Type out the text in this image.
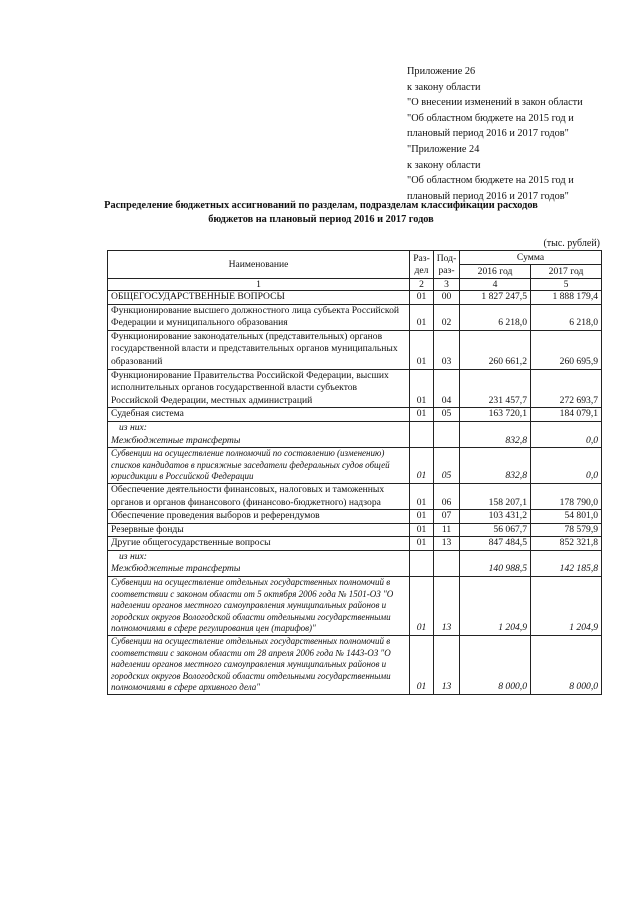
Приложение 26
к закону области
"О внесении изменений в закон области
"Об областном бюджете на 2015 год и
плановый период 2016 и 2017 годов"
"Приложение 24
к закону области
"Об областном бюджете на 2015 год и
плановый период 2016 и 2017 годов"
Распределение бюджетных ассигнований по разделам, подразделам классификации расходов
бюджетов на плановый период 2016 и 2017 годов
(тыс. рублей)
Наименование	Раз-дел	Под-раз-	Сумма	
			2016 год	2017 год
1	2	3	4	5

ОБЩЕГОСУДАРСТВЕННЫЕ ВОПРОСЫ	01	00	1 827 247,5	1 888 179,4

Функционирование высшего должностного лица субъекта Российской Федерации и муниципального образования	01	02	6 218,0	6 218,0

Функционирование законодательных (представительных) органов государственной власти и представительных органов муниципальных образований	01	03	260 661,2	260 695,9

Функционирование Правительства Российской Федерации, высших исполнительных органов государственной власти субъектов Российской Федерации, местных администраций	01	04	231 457,7	272 693,7

Судебная система	01	05	163 720,1	184 079,1

из них:
Межбюджетные трансферты			832,8	0,0

Субвенции на осуществление полномочий по составлению (изменению) списков кандидатов в присяжные заседатели федеральных судов общей юрисдикции в Российской Федерации	01	05	832,8	0,0

Обеспечение деятельности финансовых, налоговых и таможенных органов и органов финансового (финансово-бюджетного) надзора	01	06	158 207,1	178 790,0

Обеспечение проведения выборов и референдумов	01	07	103 431,2	54 801,0

Резервные фонды	01	11	56 067,7	78 579,9

Другие общегосударственные вопросы	01	13	847 484,5	852 321,8

из них:
Межбюджетные трансферты			140 988,5	142 185,8

Субвенции на осуществление отдельных государственных полномочий в соответствии с законом области от 5 октября 2006 года № 1501-ОЗ "О наделении органов местного самоуправления муниципальных районов и городских округов Вологодской области отдельными государственными полномочиями в сфере регулирования цен (тарифов)"	01	13	1 204,9	1 204,9

Субвенции на осуществление отдельных государственных полномочий в соответствии с законом области от 28 апреля 2006 года № 1443-ОЗ "О наделении органов местного самоуправления муниципальных районов и городских округов Вологодской области отдельными государственными полномочиями в сфере архивного дела"	01	13	8 000,0	8 000,0
